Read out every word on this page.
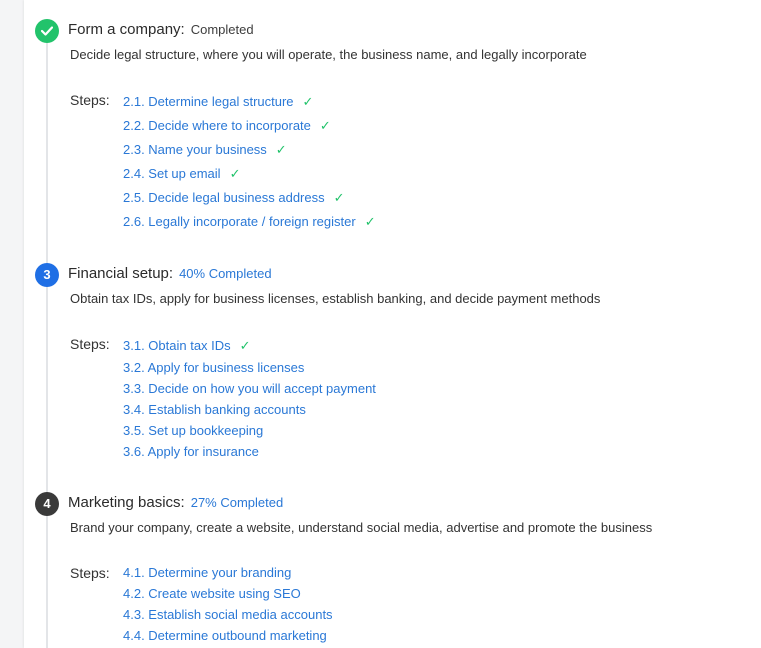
Form a company: Completed
Decide legal structure, where you will operate, the business name, and legally incorporate
Steps: 2.1. Determine legal structure ✓
2.2. Decide where to incorporate ✓
2.3. Name your business ✓
2.4. Set up email ✓
2.5. Decide legal business address ✓
2.6. Legally incorporate / foreign register ✓
3	Financial setup: 40% Completed
Obtain tax IDs, apply for business licenses, establish banking, and decide payment methods
Steps: 3.1. Obtain tax IDs ✓
3.2. Apply for business licenses
3.3. Decide on how you will accept payment
3.4. Establish banking accounts
3.5. Set up bookkeeping
3.6. Apply for insurance
4	Marketing basics: 27% Completed
Brand your company, create a website, understand social media, advertise and promote the business
Steps: 4.1. Determine your branding
4.2. Create website using SEO
4.3. Establish social media accounts
4.4. Determine outbound marketing
